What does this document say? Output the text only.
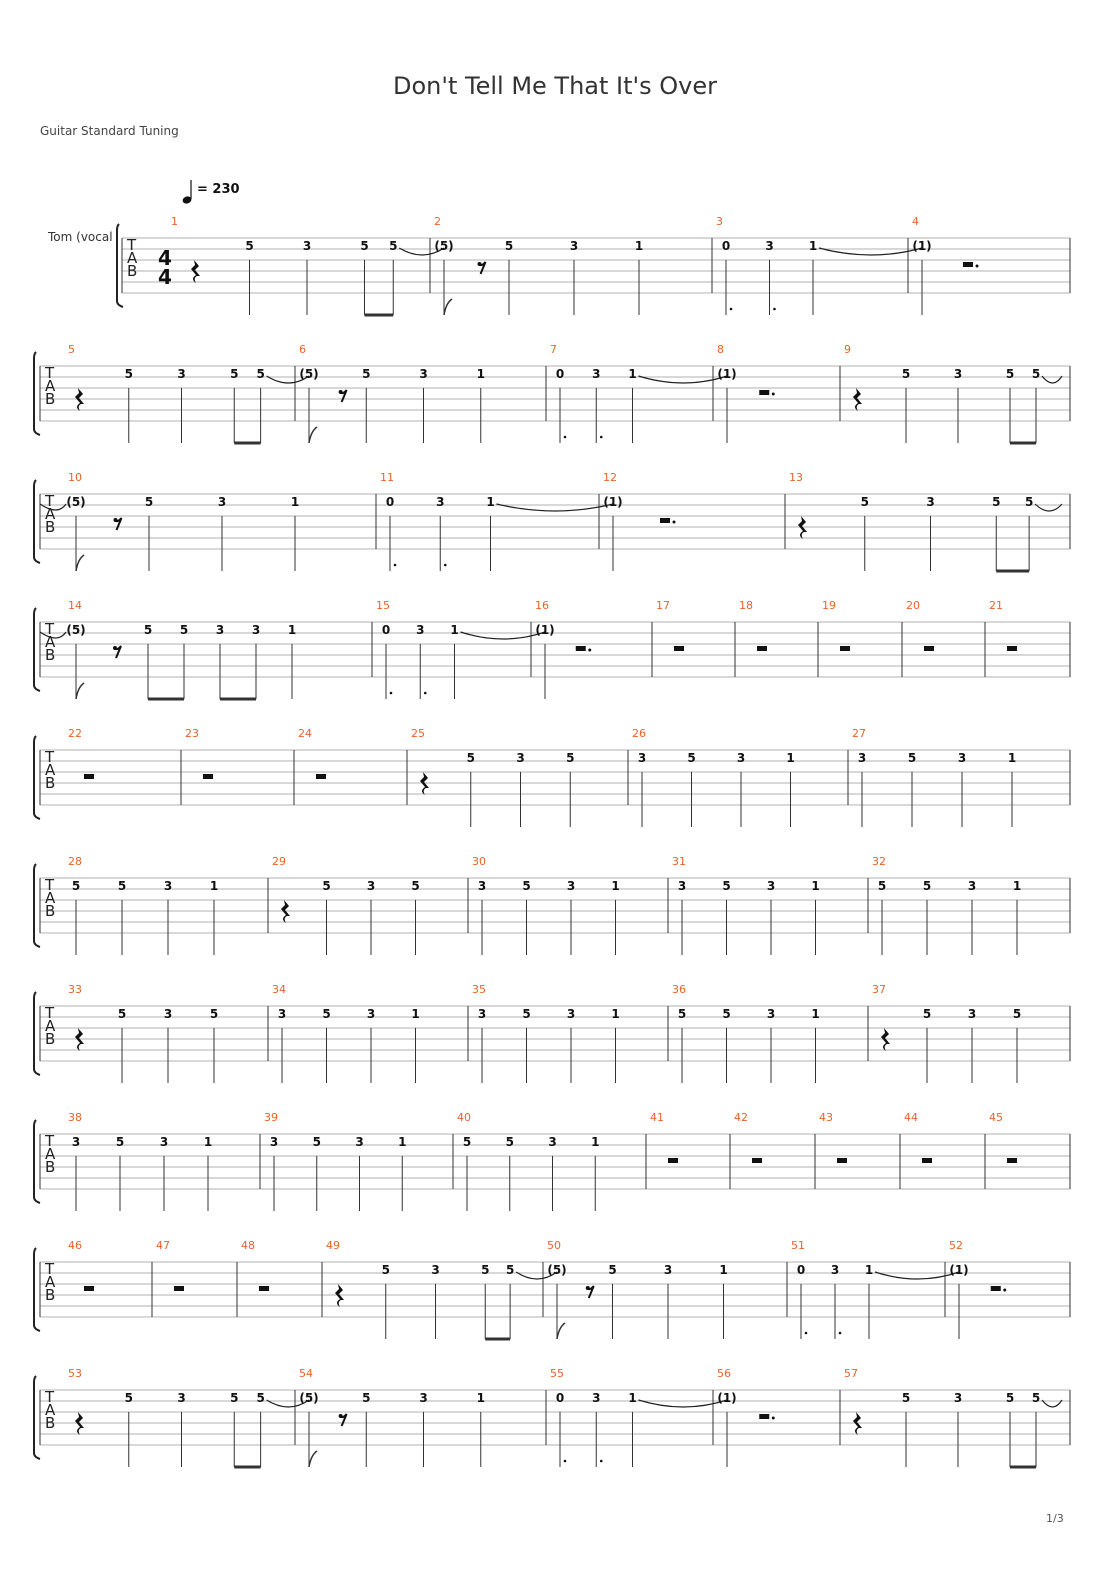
Don't Tell Me That It's Over
Guitar Standard Tuning
= 230
Tom (vocal T
A
B
4
4
1
5	3	5 5
2
(5)	5	3	1
3
0	3	1
4
(1)
T
A
B
5
5	3	5 5
6
(5)	5	3	1
7
0 3 1
8
(1)
9
5	3	5 5
T
A
B
10
(5)	5	3	1
11
0	3	1
12
(1)
13
5	3	5 5
T
A
B
14
(5)	5 5 3 3 1
15
0 3 1
16
(1)
17	18	19	20	21
T
A
B
22	23	24	25
5	3	5
26
3	5	3	1
27
3	5	3	1
T
A
B
28
5	5	3	1
29
5	3	5
30
3	5	3	1
31
3	5	3	1
32
5	5	3	1
T
A
B
33
5	3	5
34
3	5	3	1
35
3	5	3	1
36
5	5	3	1
37
5	3	5
T
A
B
38
3	5	3	1
39
3	5	3	1
40
5	5	3	1
41	42	43	44	45
T
A
B
46	47	48	49
5	3	5 5
50
(5)	5	3	1
51
0 3 1
52
(1)
T
A
B
53
5	3	5 5
54
(5)	5	3	1
55
0 3 1
56
(1)
57
5	3	5 5
1/3
